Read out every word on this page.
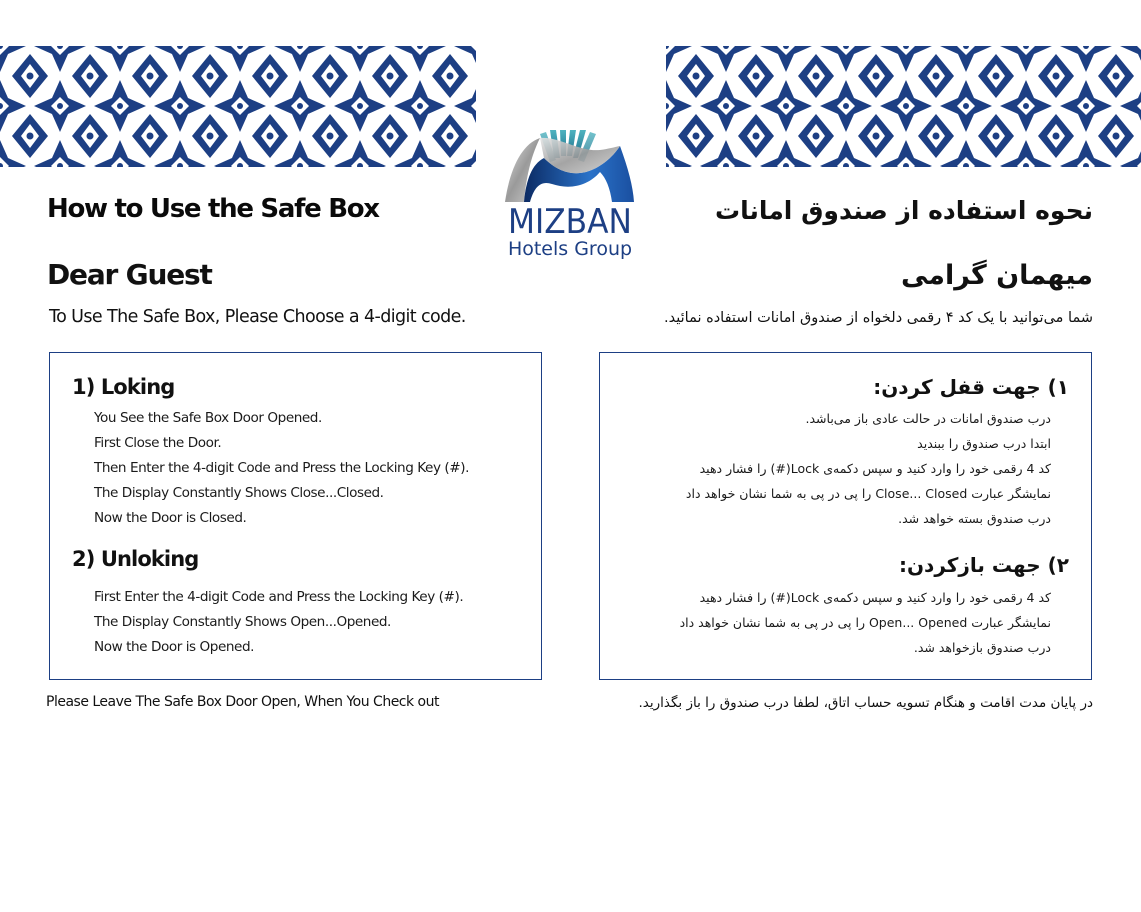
MIZBAN
Hotels Group
How to Use the Safe Box
Dear Guest
To Use The Safe Box, Please Choose a 4-digit code.
1) Loking
You See the Safe Box Door Opened.
First Close the Door.
Then Enter the 4-digit Code and Press the Locking Key (#).
The Display Constantly Shows Close...Closed.
Now the Door is Closed.
2) Unloking
First Enter the 4-digit Code and Press the Locking Key (#).
The Display Constantly Shows Open...Opened.
Now the Door is Opened.
Please Leave The Safe Box Door Open, When You Check out
نحوه استفاده از صندوق امانات
میهمان گرامی
شما می‌توانید با یک کد ۴ رقمی دلخواه از صندوق امانات استفاده نمائید.
۱) جهت قفل کردن:
درب صندوق امانات در حالت عادی باز می‌باشد.
ابتدا درب صندوق را ببندید
کد 4 رقمی خود را وارد کنید و سپس دکمه‌ی Lock(#) را فشار دهید
نمایشگر عبارت Close... Closed را پی در پی به شما نشان خواهد داد
درب صندوق بسته خواهد شد.
۲) جهت بازکردن:
کد 4 رقمی خود را وارد کنید و سپس دکمه‌ی Lock(#) را فشار دهید
نمایشگر عبارت Open... Opened را پی در پی به شما نشان خواهد داد
درب صندوق بازخواهد شد.
در پایان مدت اقامت و هنگام تسویه حساب اتاق، لطفا درب صندوق را باز بگذارید.
